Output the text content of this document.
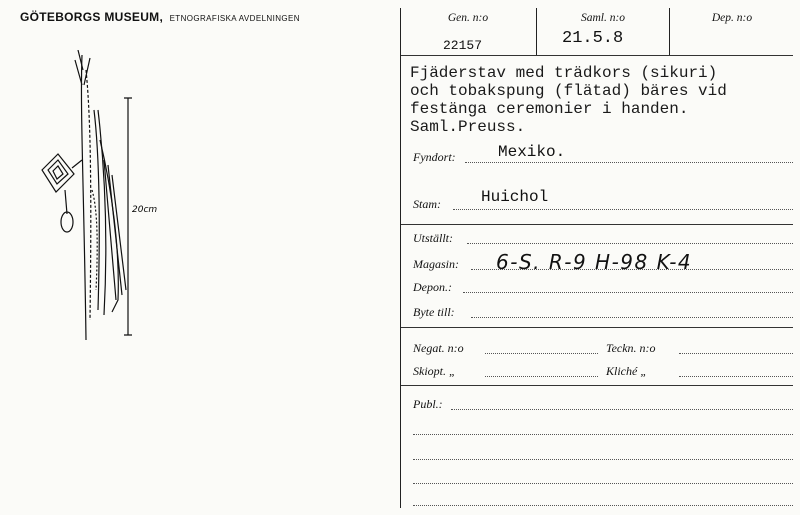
GÖTEBORGS MUSEUM, ETNOGRAFISKA AVDELNINGEN
20cm
Gen. n:o
22157
Saml. n:o
21.5.8
Dep. n:o
Fjäderstav med trädkors (sikuri)
och tobakspung (flätad) bäres vid
festänga ceremonier i handen.
Saml.Preuss.
Fyndort:	Mexiko.
Stam:	Huichol
Utställt:
Magasin: 6-S. R-9 H-98 K-4
Depon.:
Byte till:
Negat. n:o	Teckn. n:o
Skiopt. „	Kliché „
Publ.:
